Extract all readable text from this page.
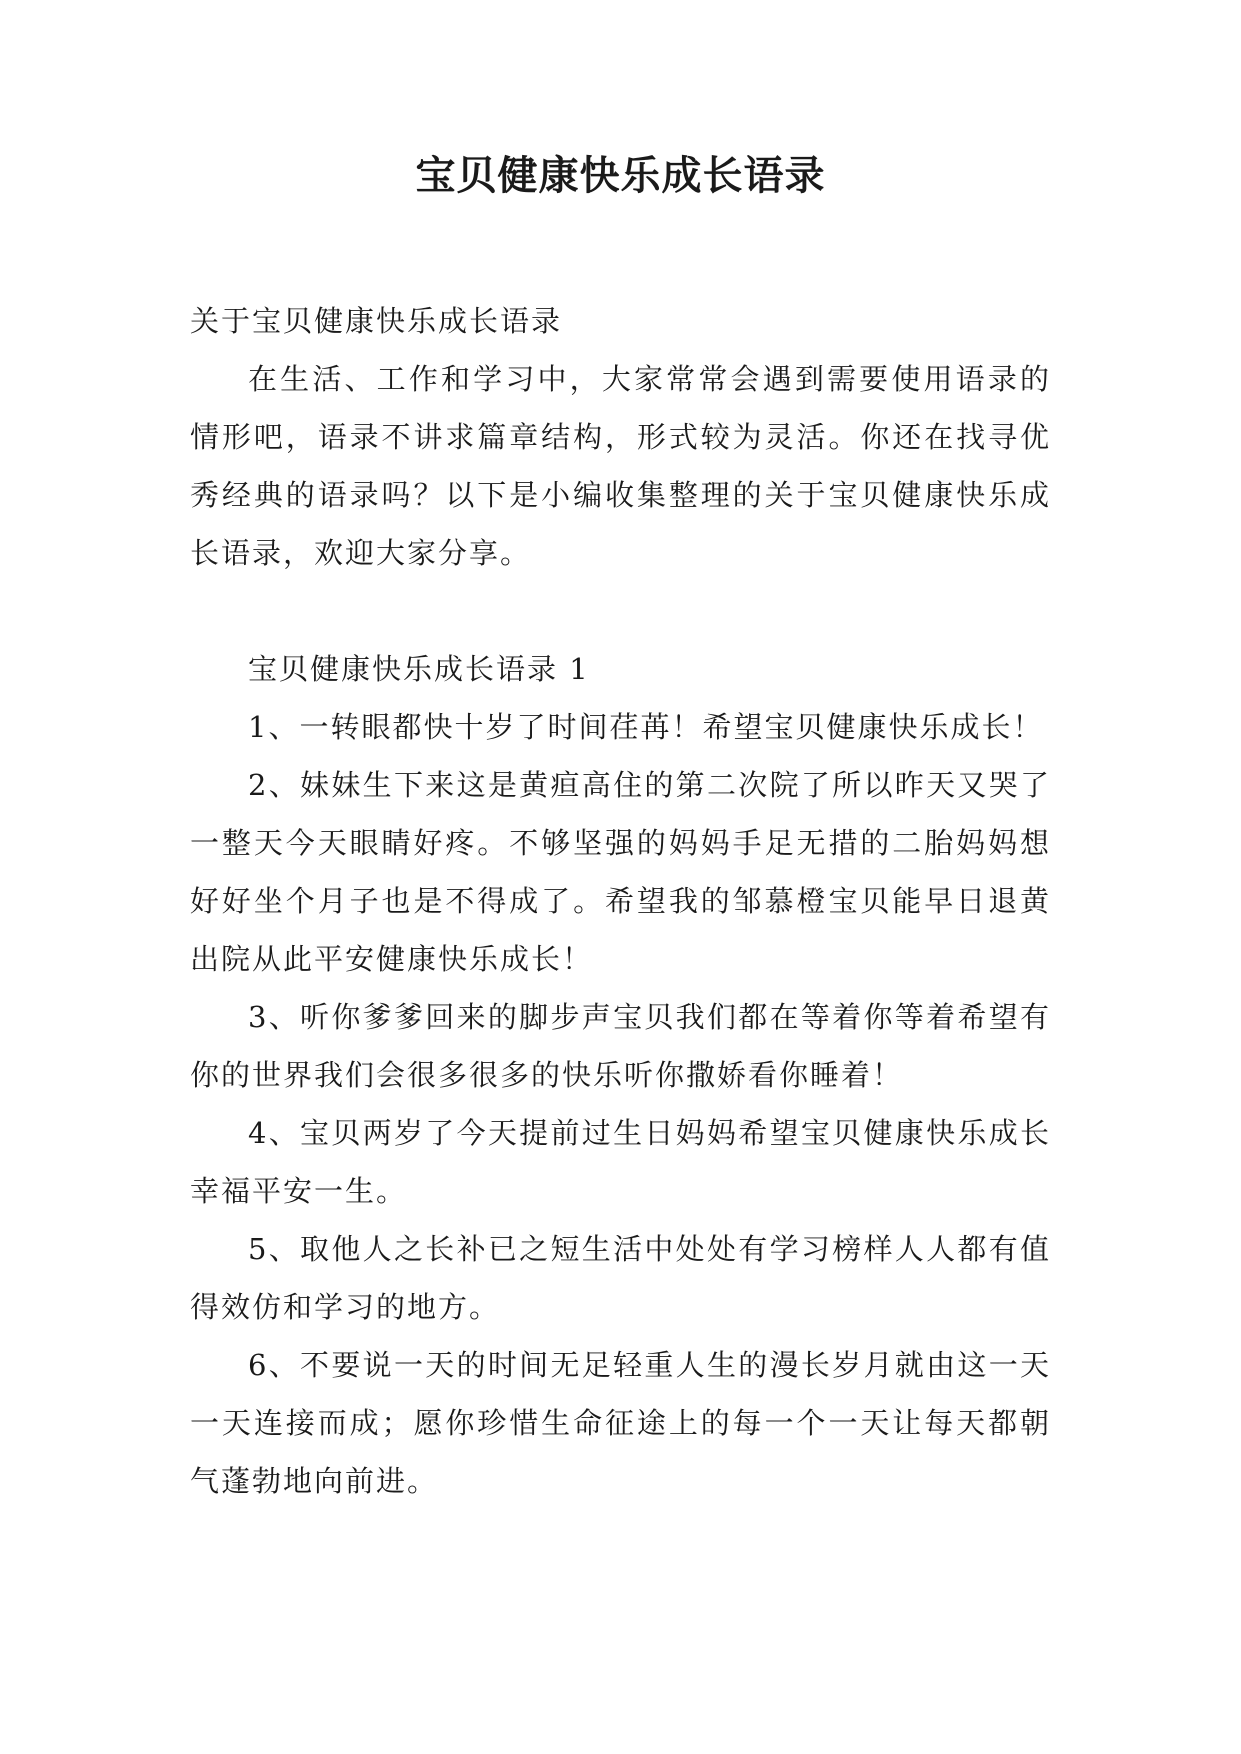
宝贝健康快乐成长语录

关于宝贝健康快乐成长语录

在生活、工作和学习中，大家常常会遇到需要使用语录的情形吧，语录不讲求篇章结构，形式较为灵活。你还在找寻优秀经典的语录吗？以下是小编收集整理的关于宝贝健康快乐成长语录，欢迎大家分享。

宝贝健康快乐成长语录 1

1、一转眼都快十岁了时间荏苒！希望宝贝健康快乐成长！

2、妹妹生下来这是黄疸高住的第二次院了所以昨天又哭了一整天今天眼睛好疼。不够坚强的妈妈手足无措的二胎妈妈想好好坐个月子也是不得成了。希望我的邹慕橙宝贝能早日退黄出院从此平安健康快乐成长！

3、听你爹爹回来的脚步声宝贝我们都在等着你等着希望有你的世界我们会很多很多的快乐听你撒娇看你睡着！

4、宝贝两岁了今天提前过生日妈妈希望宝贝健康快乐成长幸福平安一生。

5、取他人之长补已之短生活中处处有学习榜样人人都有值得效仿和学习的地方。

6、不要说一天的时间无足轻重人生的漫长岁月就由这一天一天连接而成；愿你珍惜生命征途上的每一个一天让每天都朝气蓬勃地向前进。
